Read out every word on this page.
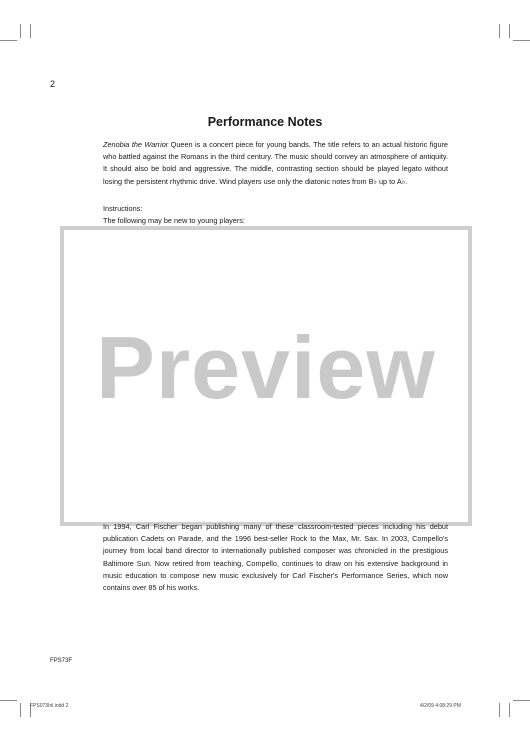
2
Performance Notes

Zenobia the Warrior Queen is a concert piece for young bands. The title refers to an actual historic figure who battled against the Romans in the third century. The music should convey an atmosphere of antiquity. It should also be bold and aggressive. The middle, contrasting section should be played legato without losing the persistent rhythmic drive. Wind players use only the diatonic notes from B♭ up to A♭.

Instructions:

The following may be new to young players:

Preview

In 1994, Carl Fischer began publishing many of these classroom-tested pieces including his debut publication Cadets on Parade, and the 1996 best-seller Rock to the Max, Mr. Sax. In 2003, Compello's journey from local band director to internationally published composer was chronicled in the prestigious Baltimore Sun. Now retired from teaching, Compello, continues to draw on his extensive background in music education to compose new music exclusively for Carl Fischer's Performance Series, which now contains over 85 of his works.

FPS73F
FPS073Inl.indd 2	4/2/09 4:08:29 PM
